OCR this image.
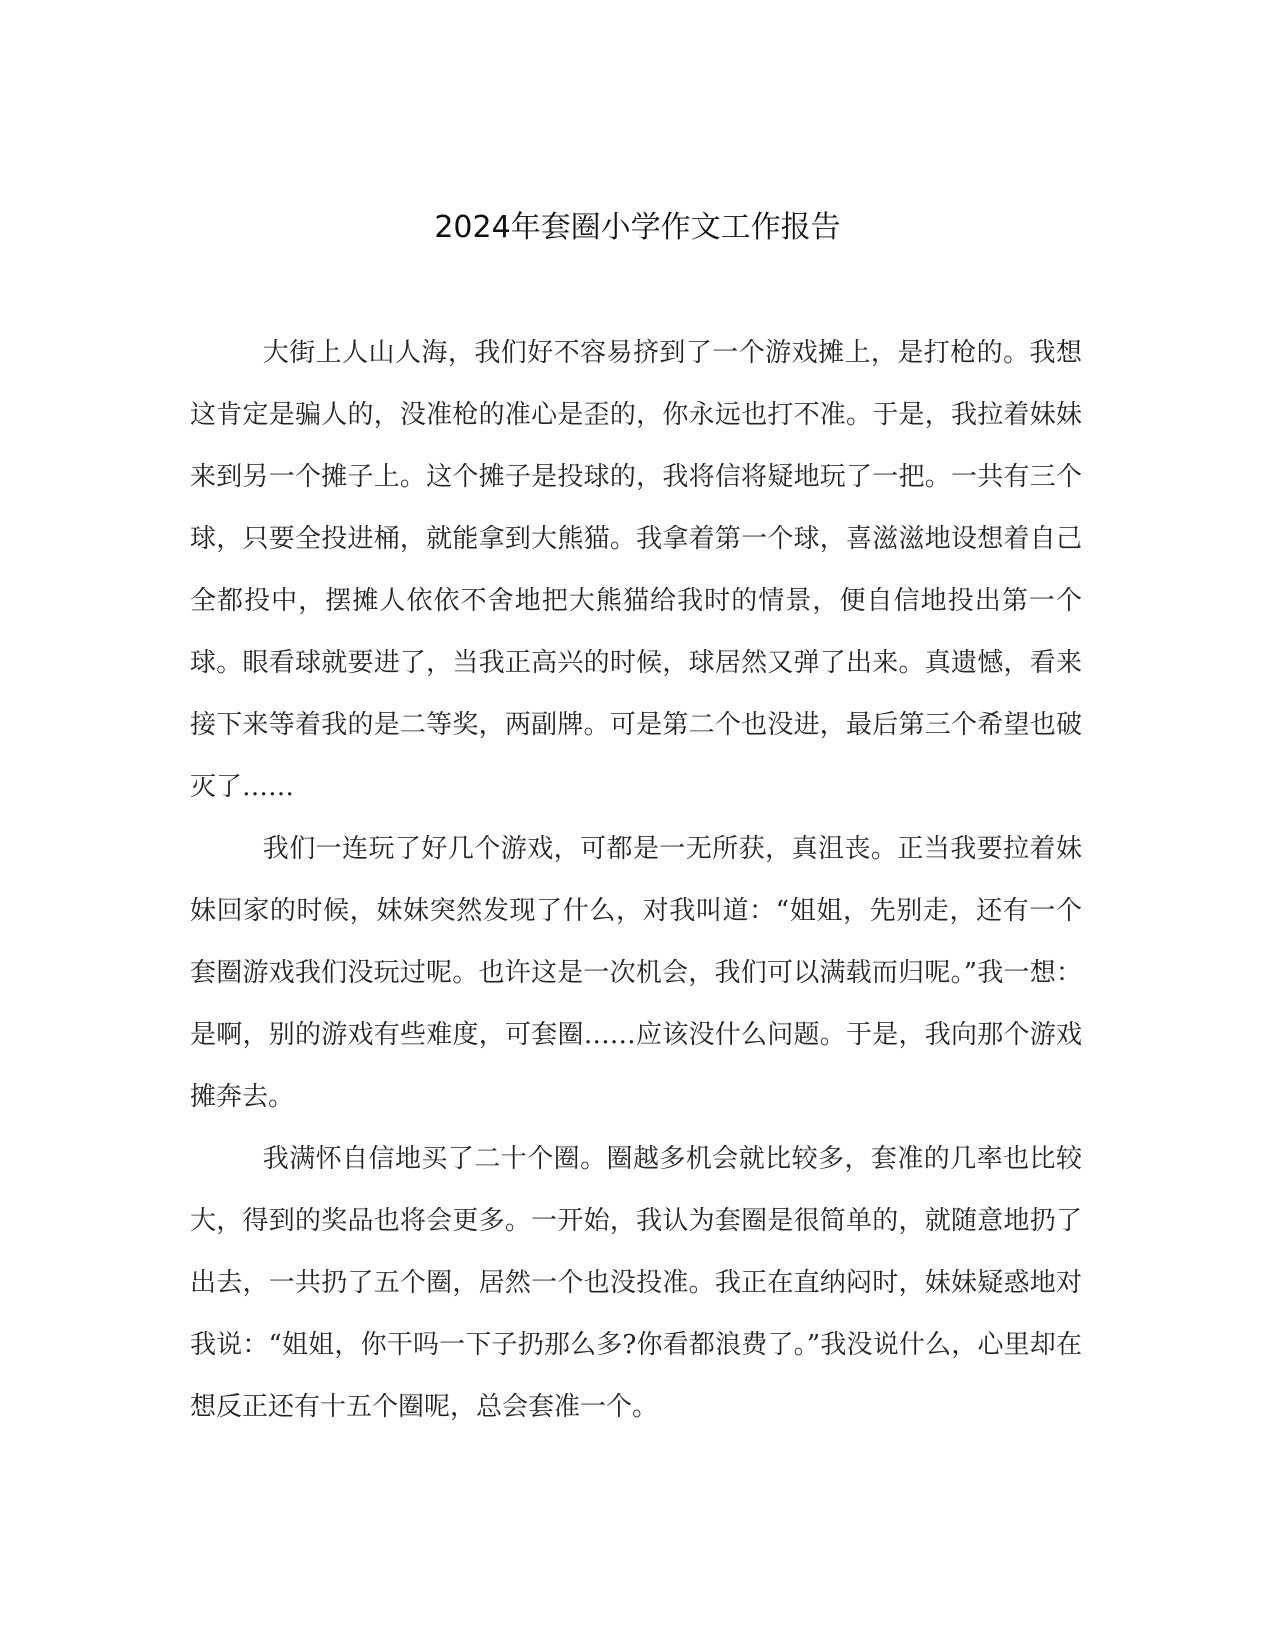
2024年套圈小学作文工作报告

大街上人山人海，我们好不容易挤到了一个游戏摊上，是打枪的。我想这肯定是骗人的，没准枪的准心是歪的，你永远也打不准。于是，我拉着妹妹来到另一个摊子上。这个摊子是投球的，我将信将疑地玩了一把。一共有三个球，只要全投进桶，就能拿到大熊猫。我拿着第一个球，喜滋滋地设想着自己全都投中，摆摊人依依不舍地把大熊猫给我时的情景，便自信地投出第一个球。眼看球就要进了，当我正高兴的时候，球居然又弹了出来。真遗憾，看来接下来等着我的是二等奖，两副牌。可是第二个也没进，最后第三个希望也破灭了……

我们一连玩了好几个游戏，可都是一无所获，真沮丧。正当我要拉着妹妹回家的时候，妹妹突然发现了什么，对我叫道：“姐姐，先别走，还有一个套圈游戏我们没玩过呢。也许这是一次机会，我们可以满载而归呢。”我一想：是啊，别的游戏有些难度，可套圈……应该没什么问题。于是，我向那个游戏摊奔去。

我满怀自信地买了二十个圈。圈越多机会就比较多，套准的几率也比较大，得到的奖品也将会更多。一开始，我认为套圈是很简单的，就随意地扔了出去，一共扔了五个圈，居然一个也没投准。我正在直纳闷时，妹妹疑惑地对我说：“姐姐，你干吗一下子扔那么多?你看都浪费了。”我没说什么，心里却在想反正还有十五个圈呢，总会套准一个。
